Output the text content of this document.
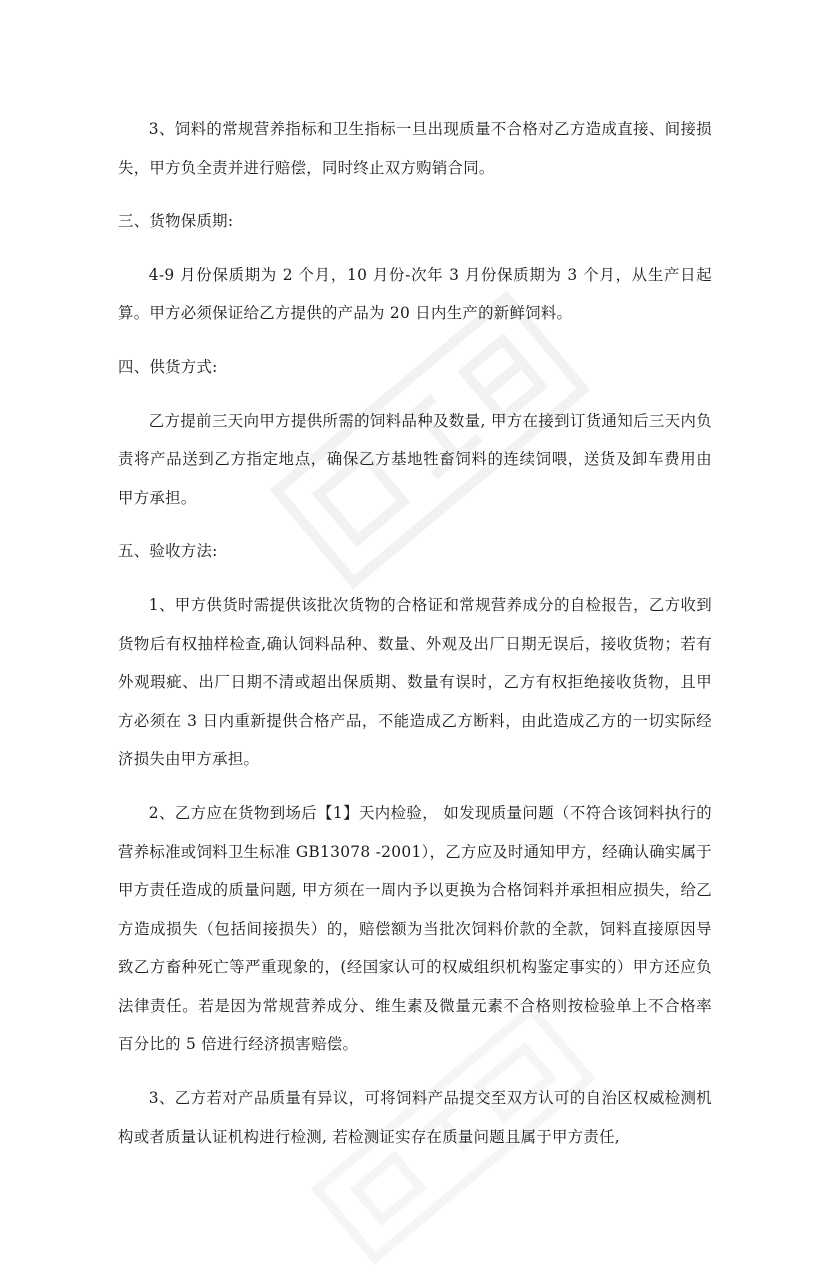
3、饲料的常规营养指标和卫生指标一旦出现质量不合格对乙方造成直接、间接损失，甲方负全责并进行赔偿，同时终止双方购销合同。

三、货物保质期:

4-9 月份保质期为 2 个月，10 月份-次年 3 月份保质期为 3 个月，从生产日起算。甲方必须保证给乙方提供的产品为 20 日内生产的新鲜饲料。

四、供货方式:

乙方提前三天向甲方提供所需的饲料品种及数量, 甲方在接到订货通知后三天内负责将产品送到乙方指定地点，确保乙方基地牲畜饲料的连续饲喂，送货及卸车费用由甲方承担。

五、验收方法:

1、甲方供货时需提供该批次货物的合格证和常规营养成分的自检报告，乙方收到货物后有权抽样检查,确认饲料品种、数量、外观及出厂日期无误后，接收货物；若有外观瑕疵、出厂日期不清或超出保质期、数量有误时，乙方有权拒绝接收货物，且甲方必须在 3 日内重新提供合格产品，不能造成乙方断料，由此造成乙方的一切实际经济损失由甲方承担。

2、乙方应在货物到场后【1】天内检验， 如发现质量问题（不符合该饲料执行的营养标准或饲料卫生标准 GB13078 -2001），乙方应及时通知甲方，经确认确实属于甲方责任造成的质量问题, 甲方须在一周内予以更换为合格饲料并承担相应损失，给乙方造成损失（包括间接损失）的，赔偿额为当批次饲料价款的全款，饲料直接原因导致乙方畜种死亡等严重现象的，(经国家认可的权威组织机构鉴定事实的）甲方还应负法律责任。若是因为常规营养成分、维生素及微量元素不合格则按检验单上不合格率百分比的 5 倍进行经济损害赔偿。

3、乙方若对产品质量有异议，可将饲料产品提交至双方认可的自治区权威检测机构或者质量认证机构进行检测, 若检测证实存在质量问题且属于甲方责任,
